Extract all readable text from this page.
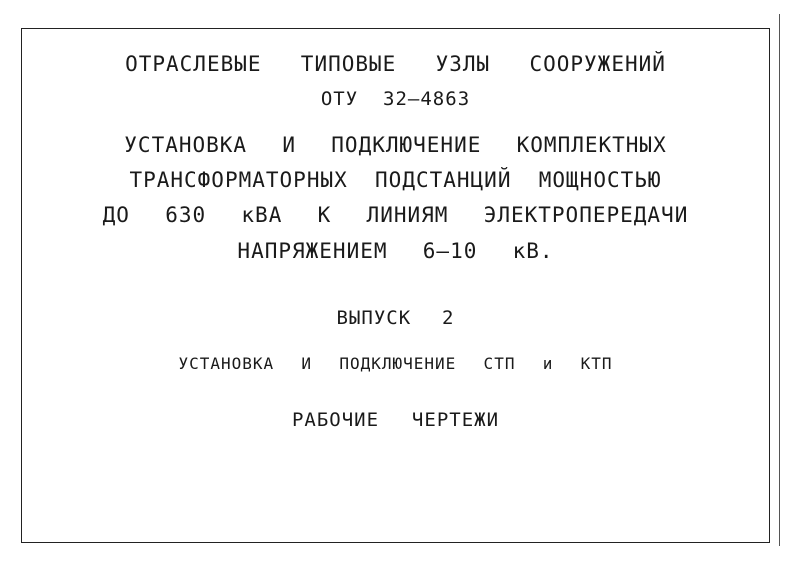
ОТРАСЛЕВЫЕ  ТИПОВЫЕ  УЗЛЫ  СООРУЖЕНИЙ
ОТУ  32–4863
УСТАНОВКА  И  ПОДКЛЮЧЕНИЕ  КОМПЛЕКТНЫХ
ТРАНСФОРМАТОРНЫХ  ПОДСТАНЦИЙ  МОЩНОСТЬЮ
ДО  630  кВА  К  ЛИНИЯМ  ЭЛЕКТРОПЕРЕДАЧИ
НАПРЯЖЕНИЕМ  6–10  кВ.
ВЫПУСК  2
УСТАНОВКА  И  ПОДКЛЮЧЕНИЕ  СТП  и  КТП
РАБОЧИЕ  ЧЕРТЕЖИ
